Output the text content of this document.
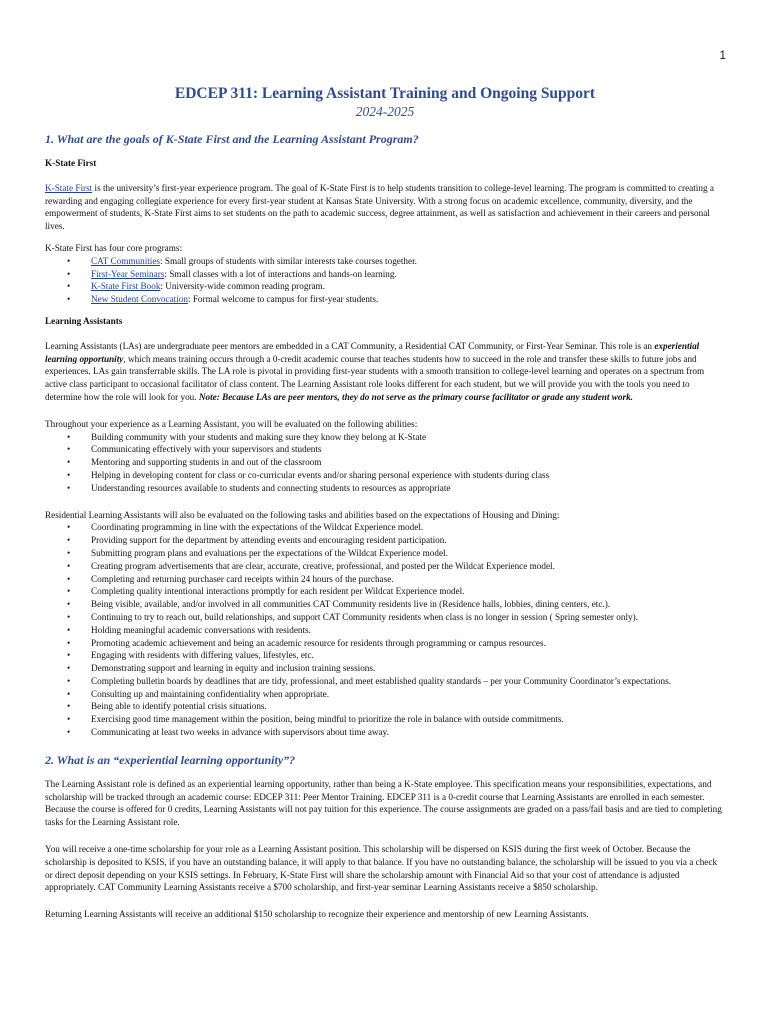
1
EDCEP 311: Learning Assistant Training and Ongoing Support
2024-2025
1. What are the goals of K-State First and the Learning Assistant Program?
K-State First

K-State First is the university’s first-year experience program. The goal of K-State First is to help students transition to college-level learning. The program is committed to creating a rewarding and engaging collegiate experience for every first-year student at Kansas State University. With a strong focus on academic excellence, community, diversity, and the empowerment of students, K-State First aims to set students on the path to academic success, degree attainment, as well as satisfaction and achievement in their careers and personal lives.

K-State First has four core programs:
• CAT Communities: Small groups of students with similar interests take courses together.
• First-Year Seminars: Small classes with a lot of interactions and hands-on learning.
• K-State First Book: University-wide common reading program.
• New Student Convocation: Formal welcome to campus for first-year students.
Learning Assistants

Learning Assistants (LAs) are undergraduate peer mentors are embedded in a CAT Community, a Residential CAT Community, or First-Year Seminar. This role is an experiential learning opportunity, which means training occurs through a 0-credit academic course that teaches students how to succeed in the role and transfer these skills to future jobs and experiences. LAs gain transferrable skills. The LA role is pivotal in providing first-year students with a smooth transition to college-level learning and operates on a spectrum from active class participant to occasional facilitator of class content. The Learning Assistant role looks different for each student, but we will provide you with the tools you need to determine how the role will look for you. Note: Because LAs are peer mentors, they do not serve as the primary course facilitator or grade any student work.

Throughout your experience as a Learning Assistant, you will be evaluated on the following abilities:
• Building community with your students and making sure they know they belong at K-State
• Communicating effectively with your supervisors and students
• Mentoring and supporting students in and out of the classroom
• Helping in developing content for class or co-curricular events and/or sharing personal experience with students during class
• Understanding resources available to students and connecting students to resources as appropriate
Residential Learning Assistants will also be evaluated on the following tasks and abilities based on the expectations of Housing and Dining:
• Coordinating programming in line with the expectations of the Wildcat Experience model.
• Providing support for the department by attending events and encouraging resident participation.
• Submitting program plans and evaluations per the expectations of the Wildcat Experience model.
• Creating program advertisements that are clear, accurate, creative, professional, and posted per the Wildcat Experience model.
• Completing and returning purchaser card receipts within 24 hours of the purchase.
• Completing quality intentional interactions promptly for each resident per Wildcat Experience model.
• Being visible, available, and/or involved in all communities CAT Community residents live in (Residence halls, lobbies, dining centers, etc.).
• Continuing to try to reach out, build relationships, and support CAT Community residents when class is no longer in session ( Spring semester only).
• Holding meaningful academic conversations with residents.
• Promoting academic achievement and being an academic resource for residents through programming or campus resources.
• Engaging with residents with differing values, lifestyles, etc.
• Demonstrating support and learning in equity and inclusion training sessions.
• Completing bulletin boards by deadlines that are tidy, professional, and meet established quality standards – per your Community Coordinator’s expectations.
• Consulting up and maintaining confidentiality when appropriate.
• Being able to identify potential crisis situations.
• Exercising good time management within the position, being mindful to prioritize the role in balance with outside commitments.
• Communicating at least two weeks in advance with supervisors about time away.
2. What is an “experiential learning opportunity”?

The Learning Assistant role is defined as an experiential learning opportunity, rather than being a K-State employee. This specification means your responsibilities, expectations, and scholarship will be tracked through an academic course: EDCEP 311: Peer Mentor Training. EDCEP 311 is a 0-credit course that Learning Assistants are enrolled in each semester. Because the course is offered for 0 credits, Learning Assistants will not pay tuition for this experience. The course assignments are graded on a pass/fail basis and are tied to completing tasks for the Learning Assistant role.

You will receive a one-time scholarship for your role as a Learning Assistant position. This scholarship will be dispersed on KSIS during the first week of October. Because the scholarship is deposited to KSIS, if you have an outstanding balance, it will apply to that balance. If you have no outstanding balance, the scholarship will be issued to you via a check or direct deposit depending on your KSIS settings. In February, K-State First will share the scholarship amount with Financial Aid so that your cost of attendance is adjusted appropriately. CAT Community Learning Assistants receive a $700 scholarship, and first-year seminar Learning Assistants receive a $850 scholarship.

Returning Learning Assistants will receive an additional $150 scholarship to recognize their experience and mentorship of new Learning Assistants.
